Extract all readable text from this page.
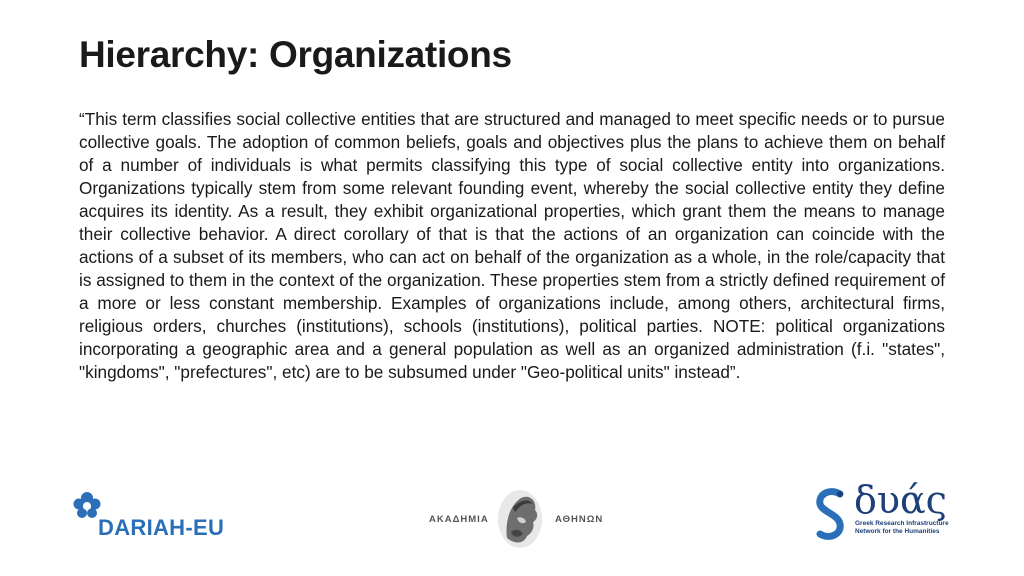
Hierarchy: Organizations

“This term classifies social collective entities that are structured and managed to meet specific needs or to pursue collective goals. The adoption of common beliefs, goals and objectives plus the plans to achieve them on behalf of a number of individuals is what permits classifying this type of social collective entity into organizations. Organizations typically stem from some relevant founding event, whereby the social collective entity they define acquires its identity. As a result, they exhibit organizational properties, which grant them the means to manage their collective behavior. A direct corollary of that is that the actions of an organization can coincide with the actions of a subset of its members, who can act on behalf of the organization as a whole, in the role/capacity that is assigned to them in the context of the organization. These properties stem from a strictly defined requirement of a more or less constant membership. Examples of organizations include, among others, architectural firms, religious orders, churches (institutions), schools (institutions), political parties. NOTE: political organizations incorporating a geographic area and a general population as well as an organized administration (f.i. "states", "kingdoms", "prefectures", etc) are to be subsumed under "Geo-political units" instead”.

DARIAH-EU	ΑΚΑΔΗΜΙΑ	ΑΘΗΝΩΝ	δυάς
Greek Research Infrastructure
Network for the Humanities
